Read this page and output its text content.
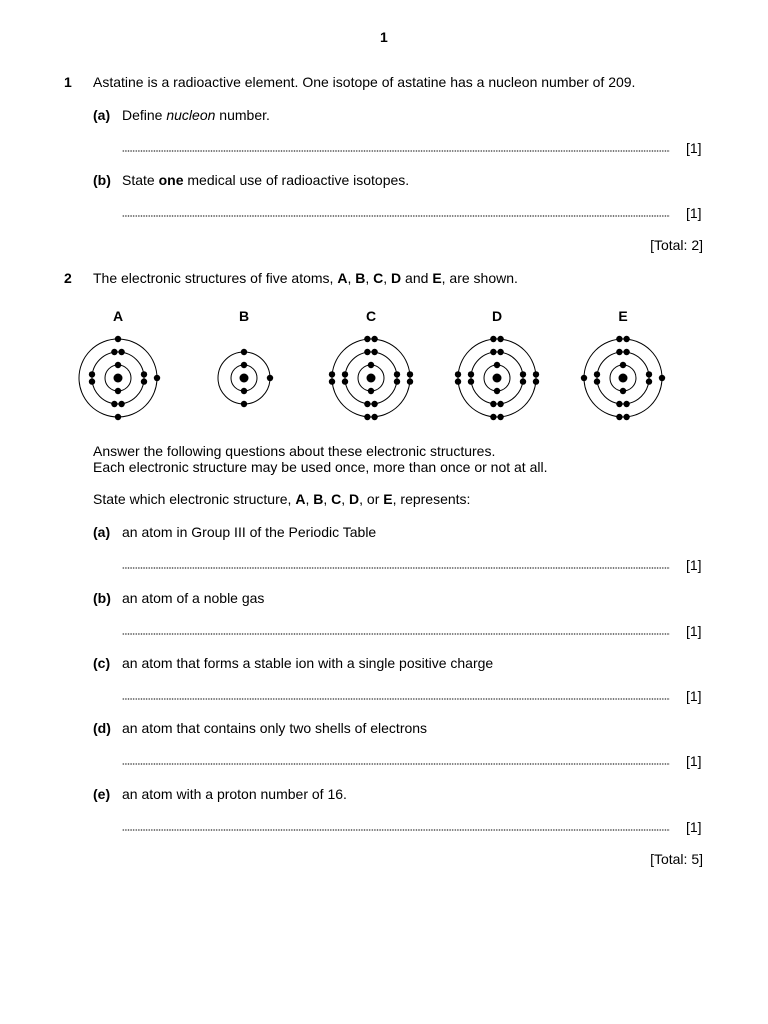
1
1 Astatine is a radioactive element. One isotope of astatine has a nucleon number of 209.
(a) Define nucleon number.
[1]
(b) State one medical use of radioactive isotopes.
[1]
[Total: 2]
2 The electronic structures of five atoms, A, B, C, D and E, are shown.
A	B	C	D	E
Answer the following questions about these electronic structures.
Each electronic structure may be used once, more than once or not at all.
State which electronic structure, A, B, C, D, or E, represents:
(a) an atom in Group III of the Periodic Table
[1]
(b) an atom of a noble gas
[1]
(c) an atom that forms a stable ion with a single positive charge
[1]
(d) an atom that contains only two shells of electrons
[1]
(e) an atom with a proton number of 16.
[1]
[Total: 5]
